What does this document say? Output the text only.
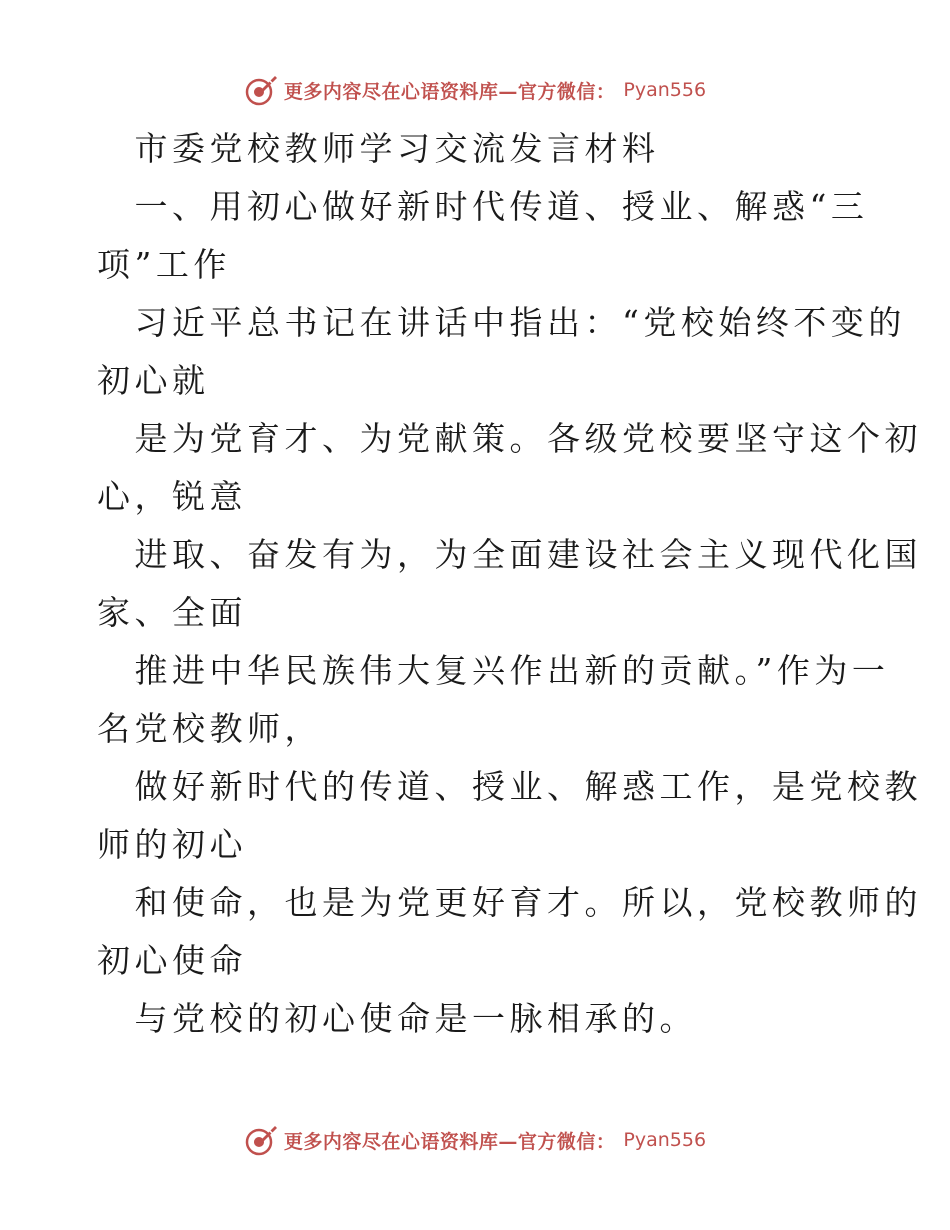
更多内容尽在心语资料库—官方微信： Pyan556
　市委党校教师学习交流发言材料
　一、用初心做好新时代传道、授业、解惑“三
项”工作
　习近平总书记在讲话中指出：“党校始终不变的
初心就
　是为党育才、为党献策。各级党校要坚守这个初
心，锐意
　进取、奋发有为，为全面建设社会主义现代化国
家、全面
　推进中华民族伟大复兴作出新的贡献。”作为一
名党校教师，
　做好新时代的传道、授业、解惑工作，是党校教
师的初心
　和使命，也是为党更好育才。所以，党校教师的
初心使命
　与党校的初心使命是一脉相承的。
更多内容尽在心语资料库—官方微信： Pyan556
